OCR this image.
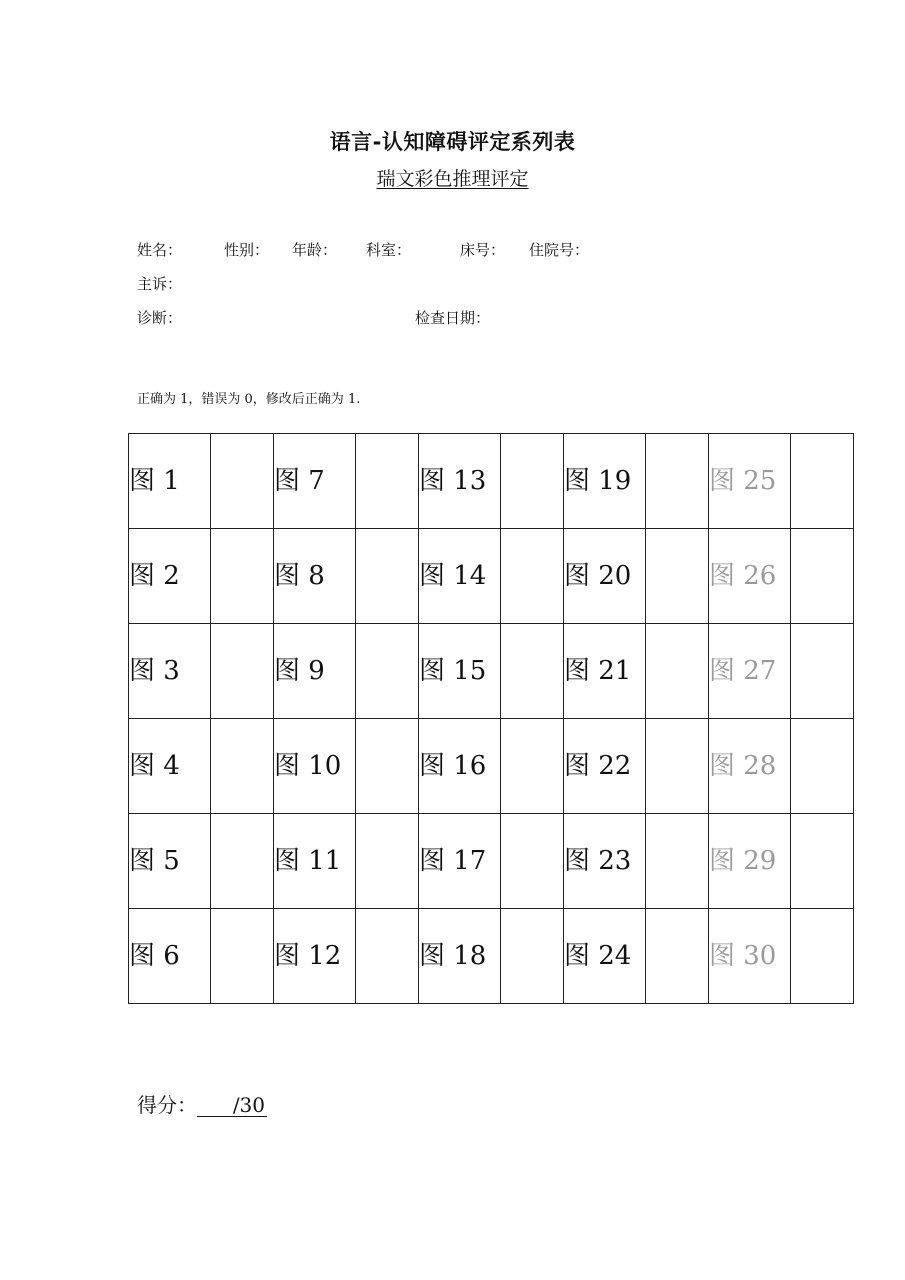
语言-认知障碍评定系列表
瑞文彩色推理评定
姓名：	性别： 年龄： 科室：	床号： 住院号：
主诉：
诊断：	检查日期：
正确为 1，错误为 0，修改后正确为 1.
图 1		图 7		图 13		图 19		图 25	
图 2		图 8		图 14		图 20		图 26	
图 3		图 9		图 15		图 21		图 27	
图 4		图 10		图 16		图 22		图 28	
图 5		图 11		图 17		图 23		图 29	
图 6		图 12		图 18		图 24		图 30	
得分： /30
